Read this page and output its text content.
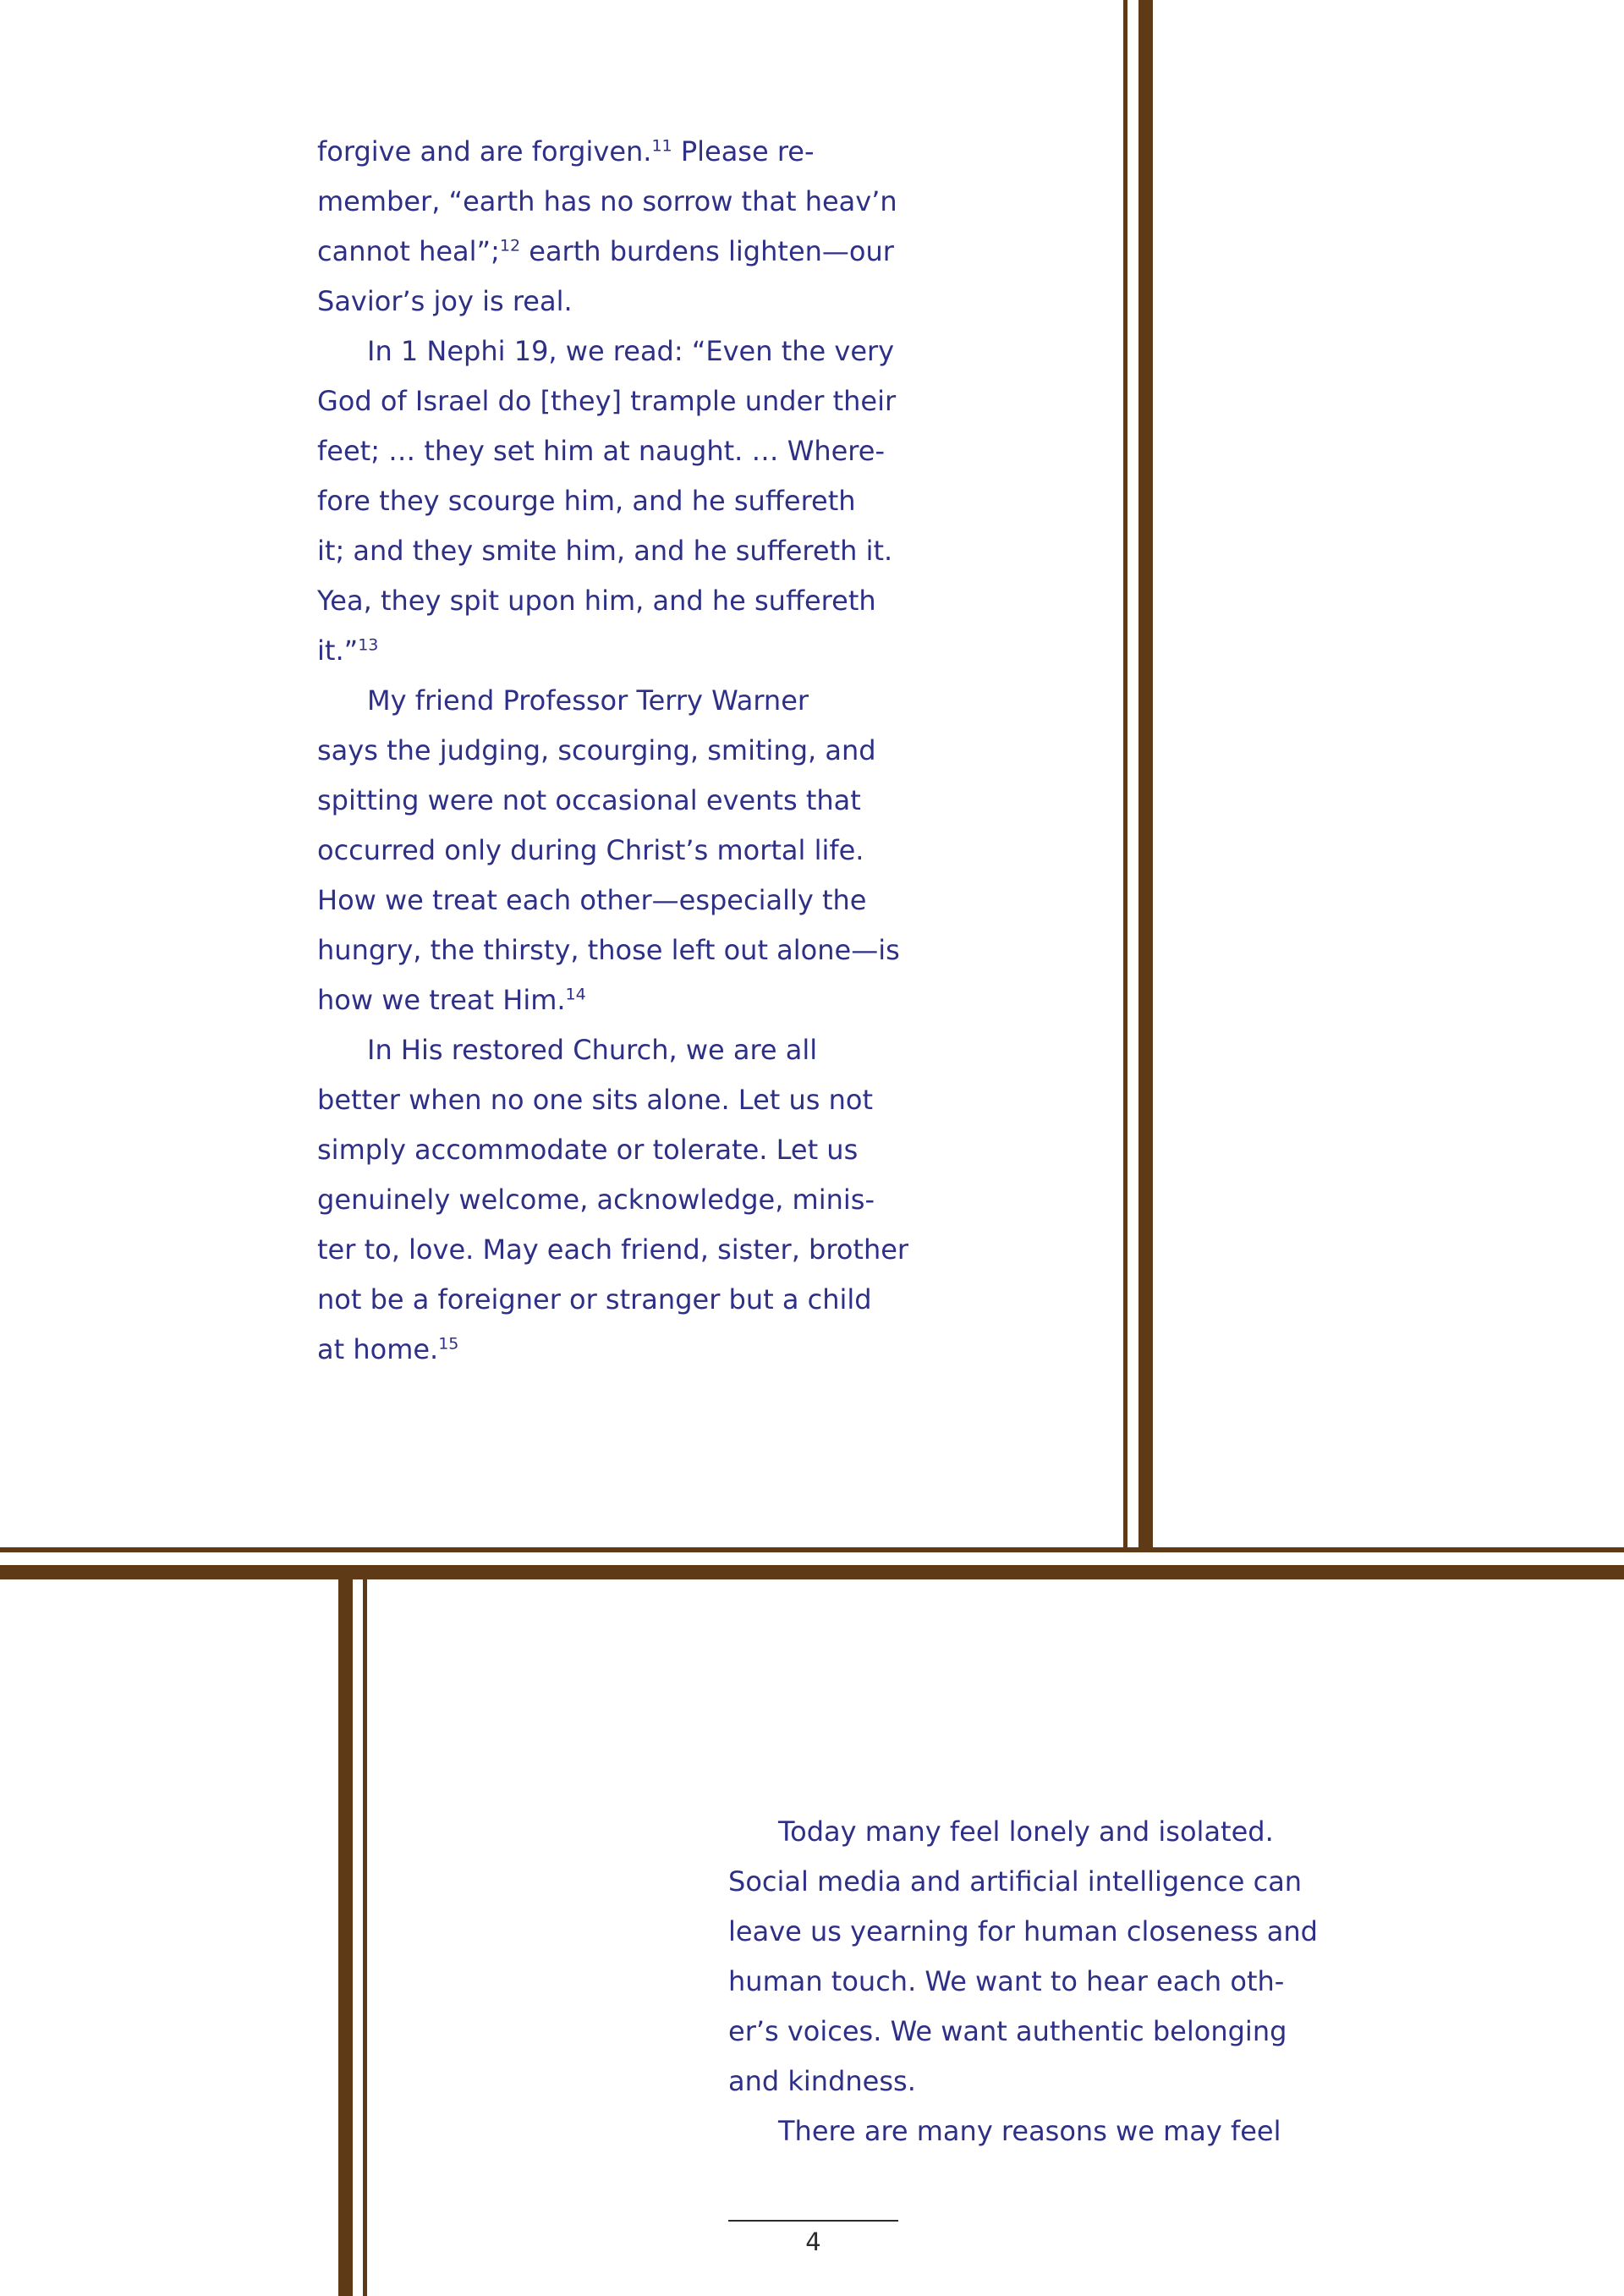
forgive and are forgiven.$^{11}$ Please re-
member, “earth has no sorrow that heav’n
cannot heal”;$^{12}$ earth burdens lighten—our
Savior’s joy is real.

In 1 Nephi 19, we read: “Even the very
God of Israel do [they] trample under their
feet; … they set him at naught. … Where-
fore they scourge him, and he suffereth
it; and they smite him, and he suffereth it.
Yea, they spit upon him, and he suffereth
it.”$^{13}$

My friend Professor Terry Warner
says the judging, scourging, smiting, and
spitting were not occasional events that
occurred only during Christ’s mortal life.
How we treat each other—especially the
hungry, the thirsty, those left out alone—is
how we treat Him.$^{14}$

In His restored Church, we are all
better when no one sits alone. Let us not
simply accommodate or tolerate. Let us
genuinely welcome, acknowledge, minis-
ter to, love. May each friend, sister, brother
not be a foreigner or stranger but a child
at home.$^{15}$

Today many feel lonely and isolated.
Social media and artificial intelligence can
leave us yearning for human closeness and
human touch. We want to hear each oth-
er’s voices. We want authentic belonging
and kindness.

There are many reasons we may feel

4
